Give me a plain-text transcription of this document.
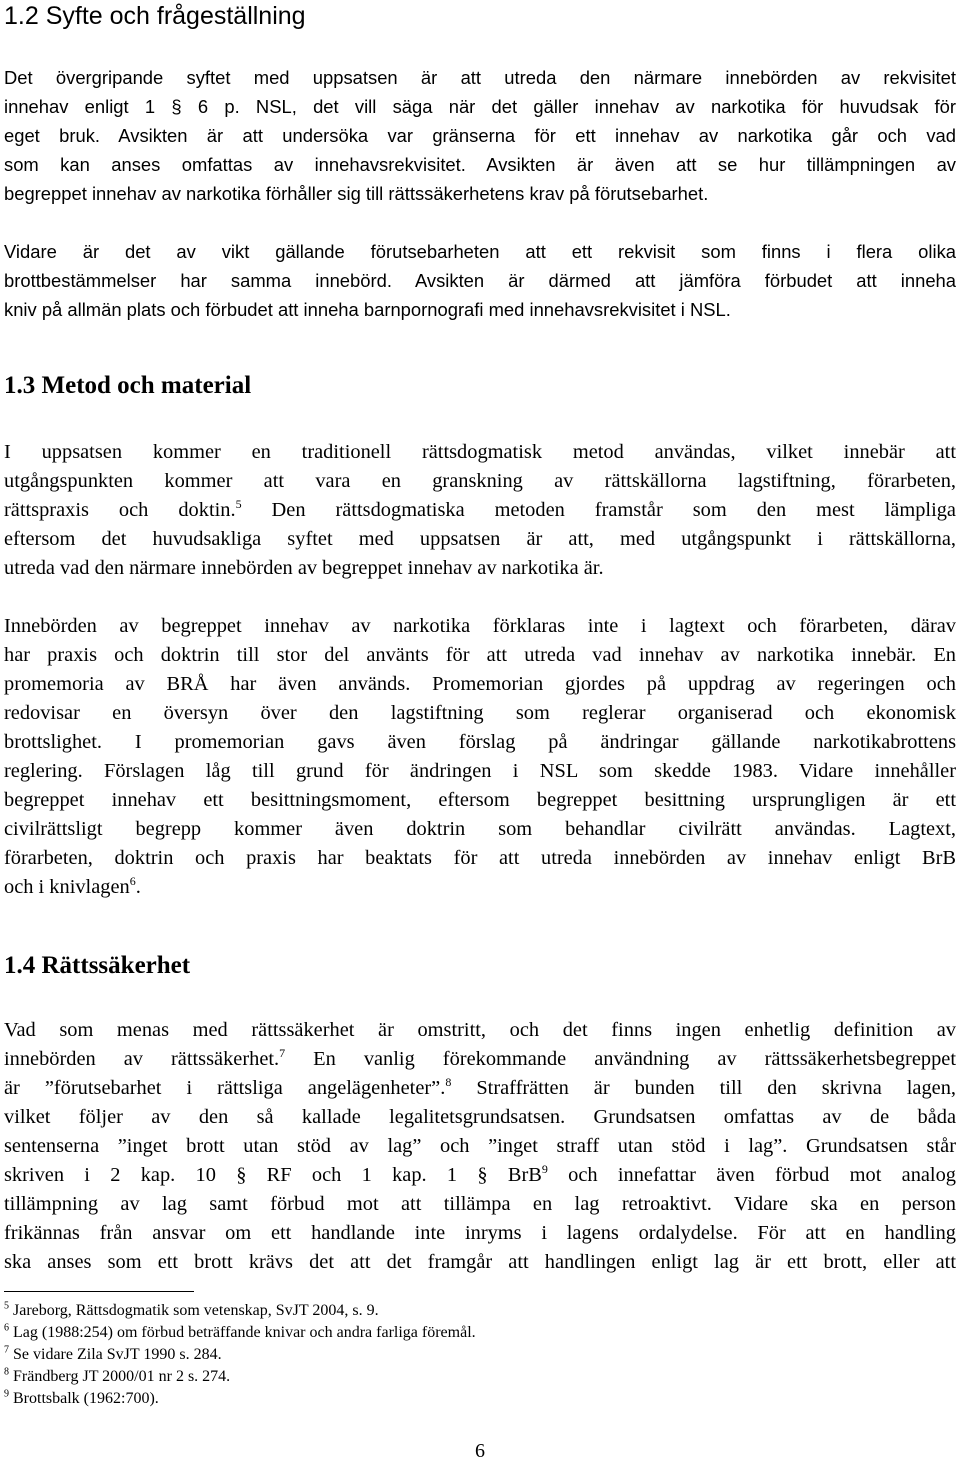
1.2 Syfte och frågeställning
Det övergripande syftet med uppsatsen är att utreda den närmare innebörden av rekvisitet
innehav enligt 1 § 6 p. NSL, det vill säga när det gäller innehav av narkotika för huvudsak för
eget bruk. Avsikten är att undersöka var gränserna för ett innehav av narkotika går och vad
som kan anses omfattas av innehavsrekvisitet. Avsikten är även att se hur tillämpningen av
begreppet innehav av narkotika förhåller sig till rättssäkerhetens krav på förutsebarhet.
Vidare är det av vikt gällande förutsebarheten att ett rekvisit som finns i flera olika
brottbestämmelser har samma innebörd. Avsikten är därmed att jämföra förbudet att inneha
kniv på allmän plats och förbudet att inneha barnpornografi med innehavsrekvisitet i NSL.
1.3 Metod och material
I uppsatsen kommer en traditionell rättsdogmatisk metod användas, vilket innebär att
utgångspunkten kommer att vara en granskning av rättskällorna lagstiftning, förarbeten,
rättspraxis och doktin.$^5$ Den rättsdogmatiska metoden framstår som den mest lämpliga
eftersom det huvudsakliga syftet med uppsatsen är att, med utgångspunkt i rättskällorna,
utreda vad den närmare innebörden av begreppet innehav av narkotika är.
Innebörden av begreppet innehav av narkotika förklaras inte i lagtext och förarbeten, därav
har praxis och doktrin till stor del använts för att utreda vad innehav av narkotika innebär. En
promemoria av BRÅ har även används. Promemorian gjordes på uppdrag av regeringen och
redovisar en översyn över den lagstiftning som reglerar organiserad och ekonomisk
brottslighet. I promemorian gavs även förslag på ändringar gällande narkotikabrottens
reglering. Förslagen låg till grund för ändringen i NSL som skedde 1983. Vidare innehåller
begreppet innehav ett besittningsmoment, eftersom begreppet besittning ursprungligen är ett
civilrättsligt begrepp kommer även doktrin som behandlar civilrätt användas. Lagtext,
förarbeten, doktrin och praxis har beaktats för att utreda innebörden av innehav enligt BrB
och i knivlagen$^6$.
1.4 Rättssäkerhet
Vad som menas med rättssäkerhet är omstritt, och det finns ingen enhetlig definition av
innebörden av rättssäkerhet.$^7$ En vanlig förekommande användning av rättssäkerhetsbegreppet
är ”förutsebarhet i rättsliga angelägenheter”.$^8$ Straffrätten är bunden till den skrivna lagen,
vilket följer av den så kallade legalitetsgrundsatsen. Grundsatsen omfattas av de båda
sentenserna ”inget brott utan stöd av lag” och ”inget straff utan stöd i lag”. Grundsatsen står
skriven i 2 kap. 10 § RF och 1 kap. 1 § BrB$^9$ och innefattar även förbud mot analog
tillämpning av lag samt förbud mot att tillämpa en lag retroaktivt. Vidare ska en person
frikännas från ansvar om ett handlande inte inryms i lagens ordalydelse. För att en handling
ska anses som ett brott krävs det att det framgår att handlingen enligt lag är ett brott, eller att
$^5$ Jareborg, Rättsdogmatik som vetenskap, SvJT 2004, s. 9.
$^6$ Lag (1988:254) om förbud beträffande knivar och andra farliga föremål.
$^7$ Se vidare Zila SvJT 1990 s. 284.
$^8$ Frändberg JT 2000/01 nr 2 s. 274.
$^9$ Brottsbalk (1962:700).
6
